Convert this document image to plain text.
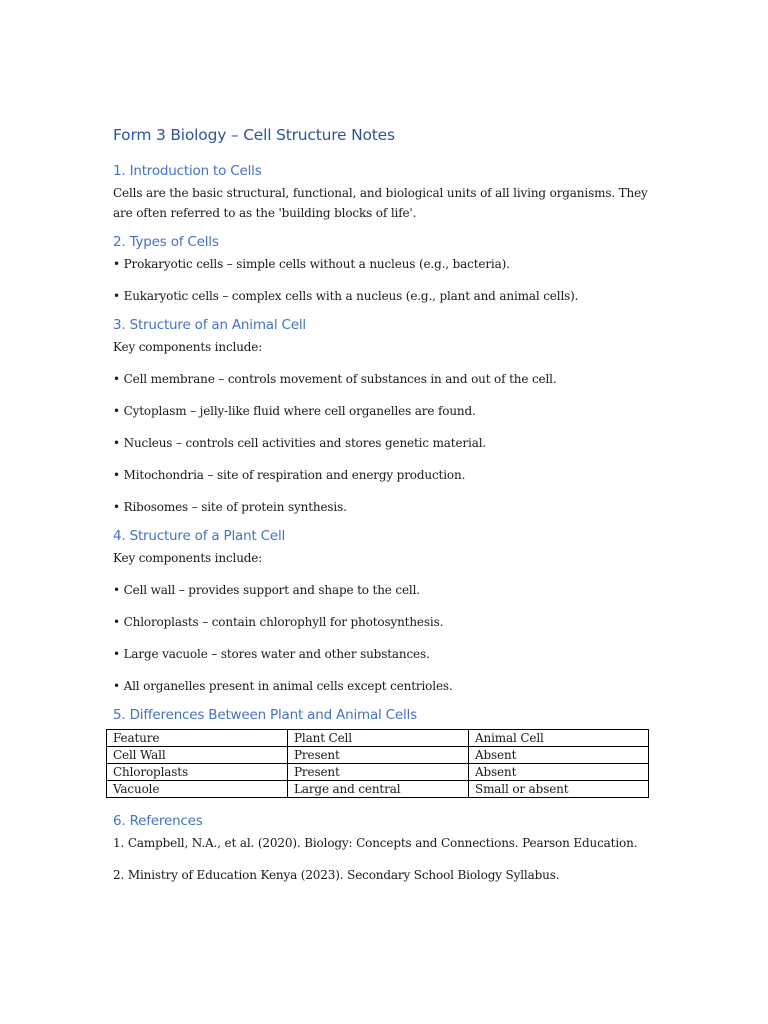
Form 3 Biology – Cell Structure Notes
1. Introduction to Cells

Cells are the basic structural, functional, and biological units of all living organisms. They are often referred to as the 'building blocks of life'.

2. Types of Cells

• Prokaryotic cells – simple cells without a nucleus (e.g., bacteria).

• Eukaryotic cells – complex cells with a nucleus (e.g., plant and animal cells).

3. Structure of an Animal Cell

Key components include:

• Cell membrane – controls movement of substances in and out of the cell.

• Cytoplasm – jelly-like fluid where cell organelles are found.

• Nucleus – controls cell activities and stores genetic material.

• Mitochondria – site of respiration and energy production.

• Ribosomes – site of protein synthesis.

4. Structure of a Plant Cell

Key components include:

• Cell wall – provides support and shape to the cell.

• Chloroplasts – contain chlorophyll for photosynthesis.

• Large vacuole – stores water and other substances.

• All organelles present in animal cells except centrioles.

5. Differences Between Plant and Animal Cells
Feature	Plant Cell	Animal Cell
Cell Wall	Present	Absent
Chloroplasts	Present	Absent
Vacuole	Large and central	Small or absent
6. References

1. Campbell, N.A., et al. (2020). Biology: Concepts and Connections. Pearson Education.

2. Ministry of Education Kenya (2023). Secondary School Biology Syllabus.
